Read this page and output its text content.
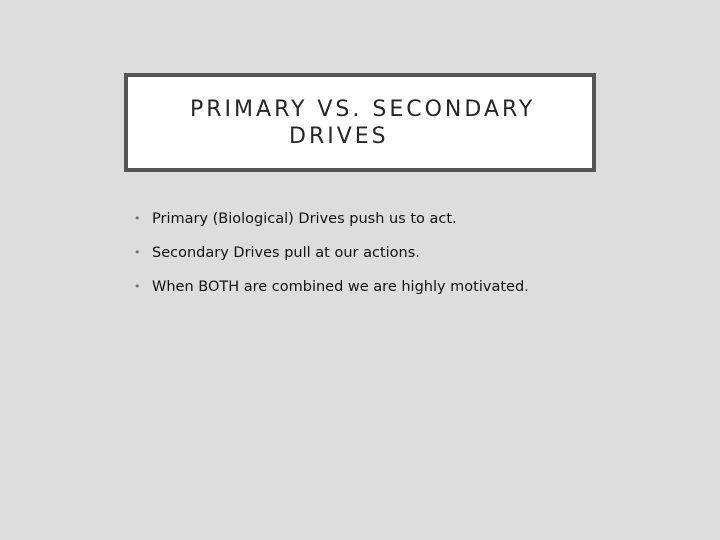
PRIMARY VS. SECONDARY
DRIVES
• Primary (Biological) Drives push us to act.
• Secondary Drives pull at our actions.
• When BOTH are combined we are highly motivated.
